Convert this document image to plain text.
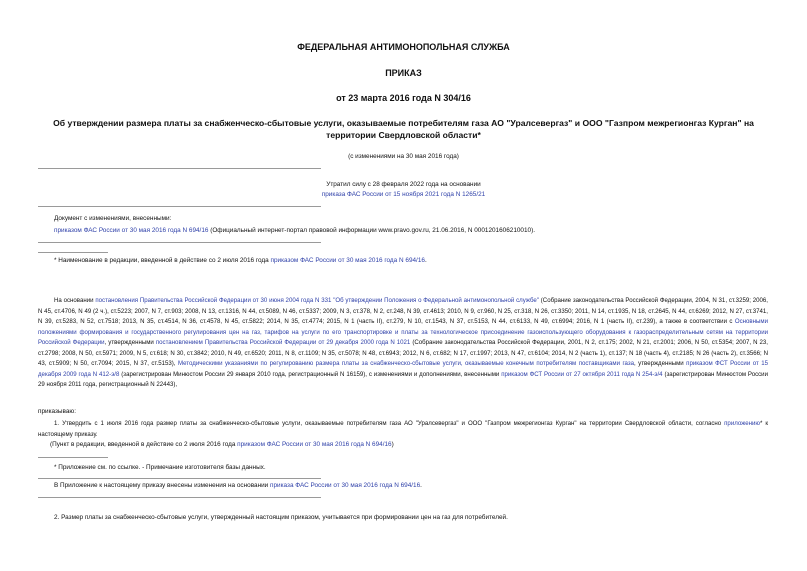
ФЕДЕРАЛЬНАЯ АНТИМОНОПОЛЬНАЯ СЛУЖБА
ПРИКАЗ
от 23 марта 2016 года N 304/16
Об утверждении размера платы за снабженческо-сбытовые услуги, оказываемые потребителям газа АО "Уралсевергаз" и ООО "Газпром межрегионгаз Курган" на
территории Свердловской области*
(с изменениями на 30 мая 2016 года)
Утратил силу с 28 февраля 2022 года на основании
приказа ФАС России от 15 ноября 2021 года N 1265/21
Документ с изменениями, внесенными:
приказом ФАС России от 30 мая 2016 года N 694/16 (Официальный интернет-портал правовой информации www.pravo.gov.ru, 21.06.2016, N 0001201606210010).
* Наименование в редакции, введенной в действие со 2 июля 2016 года приказом ФАС России от 30 мая 2016 года N 694/16.
На основании постановления Правительства Российской Федерации от 30 июня 2004 года N 331 "Об утверждении Положения о Федеральной антимонопольной службе" (Собрание законодательства Российской Федерации, 2004, N 31, ст.3259; 2006, N 45, ст.4706, N 49 (2 ч.), ст.5223; 2007, N 7, ст.903; 2008, N 13, ст.1316, N 44, ст.5089, N 46, ст.5337; 2009, N 3, ст.378, N 2, ст.248, N 39, ст.4613; 2010, N 9, ст.960, N 25, ст.318, N 26, ст.3350; 2011, N 14, ст.1935, N 18, ст.2645, N 44, ст.6269; 2012, N 27, ст.3741, N 39, ст.5283, N 52, ст.7518; 2013, N 35, ст.4514, N 36, ст.4578, N 45, ст.5822; 2014, N 35, ст.4774; 2015, N 1 (часть II), ст.279, N 10, ст.1543, N 37, ст.5153, N 44, ст.6133, N 49, ст.6994; 2016, N 1 (часть II), ст.239), а также в соответствии с Основными положениями формирования и государственного регулирования цен на газ, тарифов на услуги по его транспортировке и платы за технологическое присоединение газоиспользующего оборудования к газораспределительным сетям на территории Российской Федерации, утвержденными постановлением Правительства Российской Федерации от 29 декабря 2000 года N 1021 (Собрание законодательства Российской Федерации, 2001, N 2, ст.175; 2002, N 21, ст.2001; 2006, N 50, ст.5354; 2007, N 23, ст.2798; 2008, N 50, ст.5971; 2009, N 5, ст.618; N 30, ст.3842; 2010, N 49, ст.6520; 2011, N 8, ст.1109; N 35, ст.5078; N 48, ст.6943; 2012, N 6, ст.682; N 17, ст.1997; 2013, N 47, ст.6104; 2014, N 2 (часть 1), ст.137; N 18 (часть 4), ст.2185; N 26 (часть 2), ст.3566; N 43, ст.5909; N 50, ст.7094; 2015, N 37, ст.5153), Методическими указаниями по регулированию размера платы за снабженческо-сбытовые услуги, оказываемые конечным потребителям поставщиками газа, утвержденными приказом ФСТ России от 15 декабря 2009 года N 412-э/8 (зарегистрирован Минюстом России 29 января 2010 года, регистрационный N 16159), с изменениями и дополнениями, внесенными приказом ФСТ России от 27 октября 2011 года N 254-э/4 (зарегистрирован Минюстом России 29 ноября 2011 года, регистрационный N 22443),
приказываю:
1. Утвердить с 1 июля 2016 года размер платы за снабженческо-сбытовые услуги, оказываемые потребителям газа АО "Уралсевергаз" и ООО "Газпром межрегионгаз Курган" на территории Свердловской области, согласно приложению* к настоящему приказу.
(Пункт в редакции, введенной в действие со 2 июля 2016 года приказом ФАС России от 30 мая 2016 года N 694/16)
* Приложение см. по ссылке. - Примечание изготовителя базы данных.
В Приложение к настоящему приказу внесены изменения на основании приказа ФАС России от 30 мая 2016 года N 694/16.
2. Размер платы за снабженческо-сбытовые услуги, утвержденный настоящим приказом, учитывается при формировании цен на газ для потребителей.
